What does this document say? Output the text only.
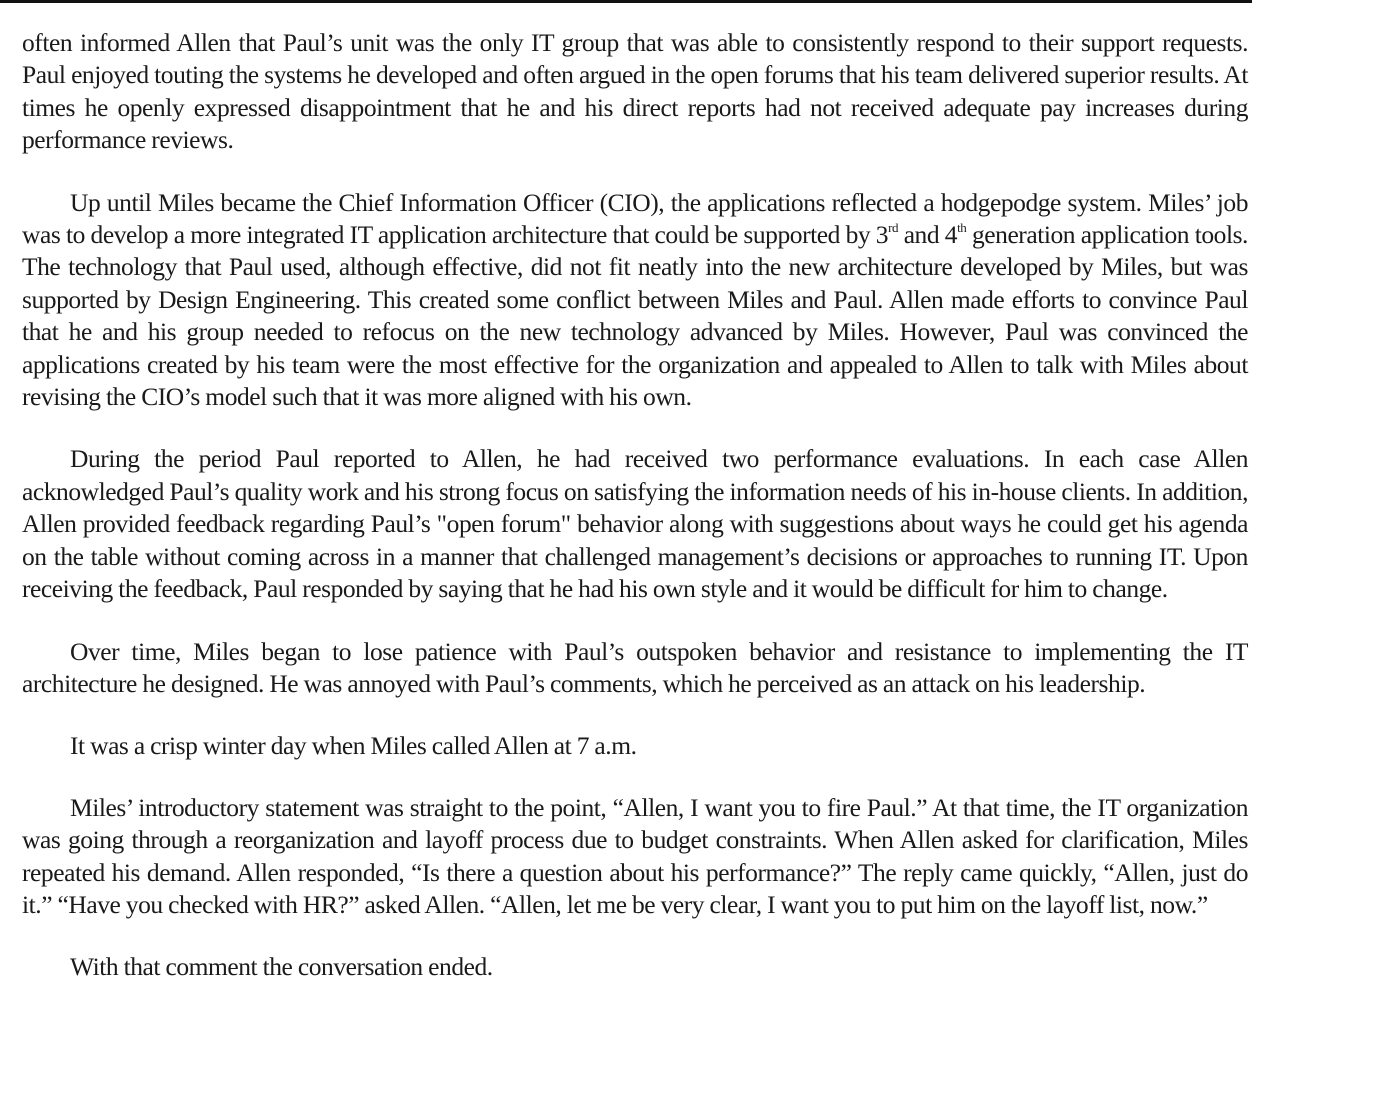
often informed Allen that Paul’s unit was the only IT group that was able to consistently respond to their support requests. Paul enjoyed touting the systems he developed and often argued in the open forums that his team delivered superior results. At times he openly expressed disappointment that he and his direct reports had not received adequate pay increases during performance reviews.

Up until Miles became the Chief Information Officer (CIO), the applications reflected a hodgepodge system. Miles’ job was to develop a more integrated IT application architecture that could be supported by 3rd and 4th generation application tools. The technology that Paul used, although effective, did not fit neatly into the new architecture developed by Miles, but was supported by Design Engineering. This created some conflict between Miles and Paul. Allen made efforts to convince Paul that he and his group needed to refocus on the new technology advanced by Miles. However, Paul was convinced the applications created by his team were the most effective for the organization and appealed to Allen to talk with Miles about revising the CIO’s model such that it was more aligned with his own.

During the period Paul reported to Allen, he had received two performance evaluations. In each case Allen acknowledged Paul’s quality work and his strong focus on satisfying the information needs of his in-house clients. In addition, Allen provided feedback regarding Paul’s "open forum" behavior along with suggestions about ways he could get his agenda on the table without coming across in a manner that challenged management’s decisions or approaches to running IT. Upon receiving the feedback, Paul responded by saying that he had his own style and it would be difficult for him to change.

Over time, Miles began to lose patience with Paul’s outspoken behavior and resistance to implementing the IT architecture he designed. He was annoyed with Paul’s comments, which he perceived as an attack on his leadership.

It was a crisp winter day when Miles called Allen at 7 a.m.

Miles’ introductory statement was straight to the point, “Allen, I want you to fire Paul.” At that time, the IT organization was going through a reorganization and layoff process due to budget constraints. When Allen asked for clarification, Miles repeated his demand. Allen responded, “Is there a question about his performance?” The reply came quickly, “Allen, just do it.” “Have you checked with HR?” asked Allen. “Allen, let me be very clear, I want you to put him on the layoff list, now.”

With that comment the conversation ended.
